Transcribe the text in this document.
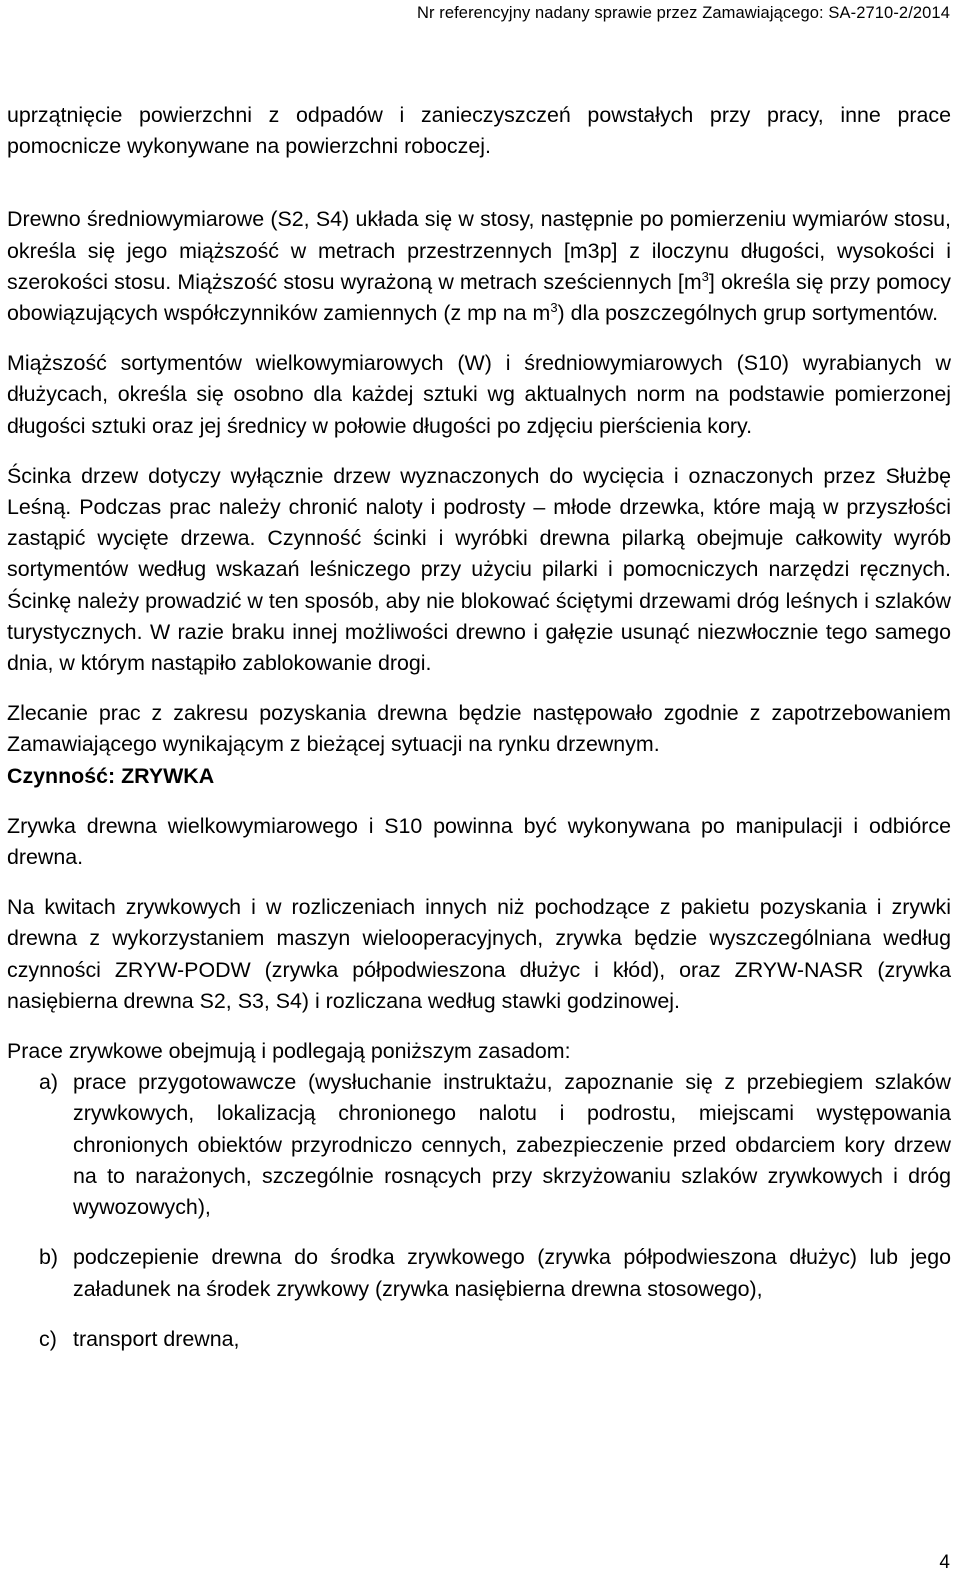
Nr referencyjny nadany sprawie przez Zamawiającego: SA-2710-2/2014

uprzątnięcie powierzchni z odpadów i zanieczyszczeń powstałych przy pracy, inne prace pomocnicze wykonywane na powierzchni roboczej.

Drewno średniowymiarowe (S2, S4) układa się w stosy, następnie po pomierzeniu wymiarów stosu, określa się jego miąższość w metrach przestrzennych [m3p] z iloczynu długości, wysokości i szerokości stosu. Miąższość stosu wyrażoną w metrach sześciennych $[m^3]$ określa się przy pomocy obowiązujących współczynników zamiennych (z mp na $m^3$) dla poszczególnych grup sortymentów.

Miąższość sortymentów wielkowymiarowych (W) i średniowymiarowych (S10) wyrabianych w dłużycach, określa się osobno dla każdej sztuki wg aktualnych norm na podstawie pomierzonej długości sztuki oraz jej średnicy w połowie długości po zdjęciu pierścienia kory.

Ścinka drzew dotyczy wyłącznie drzew wyznaczonych do wycięcia i oznaczonych przez Służbę Leśną. Podczas prac należy chronić naloty i podrosty – młode drzewka, które mają w przyszłości zastąpić wycięte drzewa. Czynność ścinki i wyróbki drewna pilarką obejmuje całkowity wyrób sortymentów według wskazań leśniczego przy użyciu pilarki i pomocniczych narzędzi ręcznych. Ścinkę należy prowadzić w ten sposób, aby nie blokować ściętymi drzewami dróg leśnych i szlaków turystycznych. W razie braku innej możliwości drewno i gałęzie usunąć niezwłocznie tego samego dnia, w którym nastąpiło zablokowanie drogi.

Zlecanie prac z zakresu pozyskania drewna będzie następowało zgodnie z zapotrzebowaniem Zamawiającego wynikającym z bieżącej sytuacji na rynku drzewnym.

Czynność: ZRYWKA

Zrywka drewna wielkowymiarowego i S10 powinna być wykonywana po manipulacji i odbiórce drewna.

Na kwitach zrywkowych i w rozliczeniach innych niż pochodzące z pakietu pozyskania i zrywki drewna z wykorzystaniem maszyn wielooperacyjnych, zrywka będzie wyszczególniana według czynności ZRYW-PODW (zrywka półpodwieszona dłużyc i kłód), oraz ZRYW-NASR (zrywka nasiębierna drewna S2, S3, S4) i rozliczana według stawki godzinowej.

Prace zrywkowe obejmują i podlegają poniższym zasadom:

a) prace przygotowawcze (wysłuchanie instruktażu, zapoznanie się z przebiegiem szlaków zrywkowych, lokalizacją chronionego nalotu i podrostu, miejscami występowania chronionych obiektów przyrodniczo cennych, zabezpieczenie przed obdarciem kory drzew na to narażonych, szczególnie rosnących przy skrzyżowaniu szlaków zrywkowych i dróg wywozowych),
b) podczepienie drewna do środka zrywkowego (zrywka półpodwieszona dłużyc) lub jego załadunek na środek zrywkowy (zrywka nasiębierna drewna stosowego),
c) transport drewna,
4
